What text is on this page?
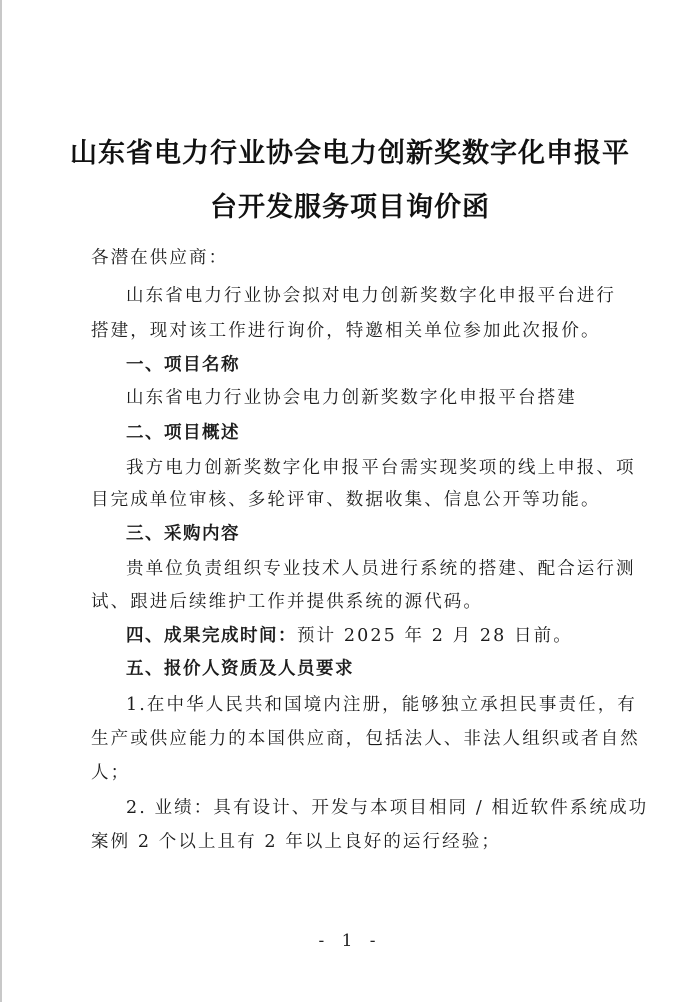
山东省电力行业协会电力创新奖数字化申报平
台开发服务项目询价函
各潜在供应商：
山东省电力行业协会拟对电力创新奖数字化申报平台进行
搭建，现对该工作进行询价，特邀相关单位参加此次报价。
一、项目名称
山东省电力行业协会电力创新奖数字化申报平台搭建
二、项目概述
我方电力创新奖数字化申报平台需实现奖项的线上申报、项
目完成单位审核、多轮评审、数据收集、信息公开等功能。
三、采购内容
贵单位负责组织专业技术人员进行系统的搭建、配合运行测
试、跟进后续维护工作并提供系统的源代码。
四、成果完成时间：预计 2025 年 2 月 28 日前。
五、报价人资质及人员要求
1.在中华人民共和国境内注册，能够独立承担民事责任，有
生产或供应能力的本国供应商，包括法人、非法人组织或者自然
人；
2. 业绩：具有设计、开发与本项目相同 / 相近软件系统成功
案例 2 个以上且有 2 年以上良好的运行经验；
- 1 -
